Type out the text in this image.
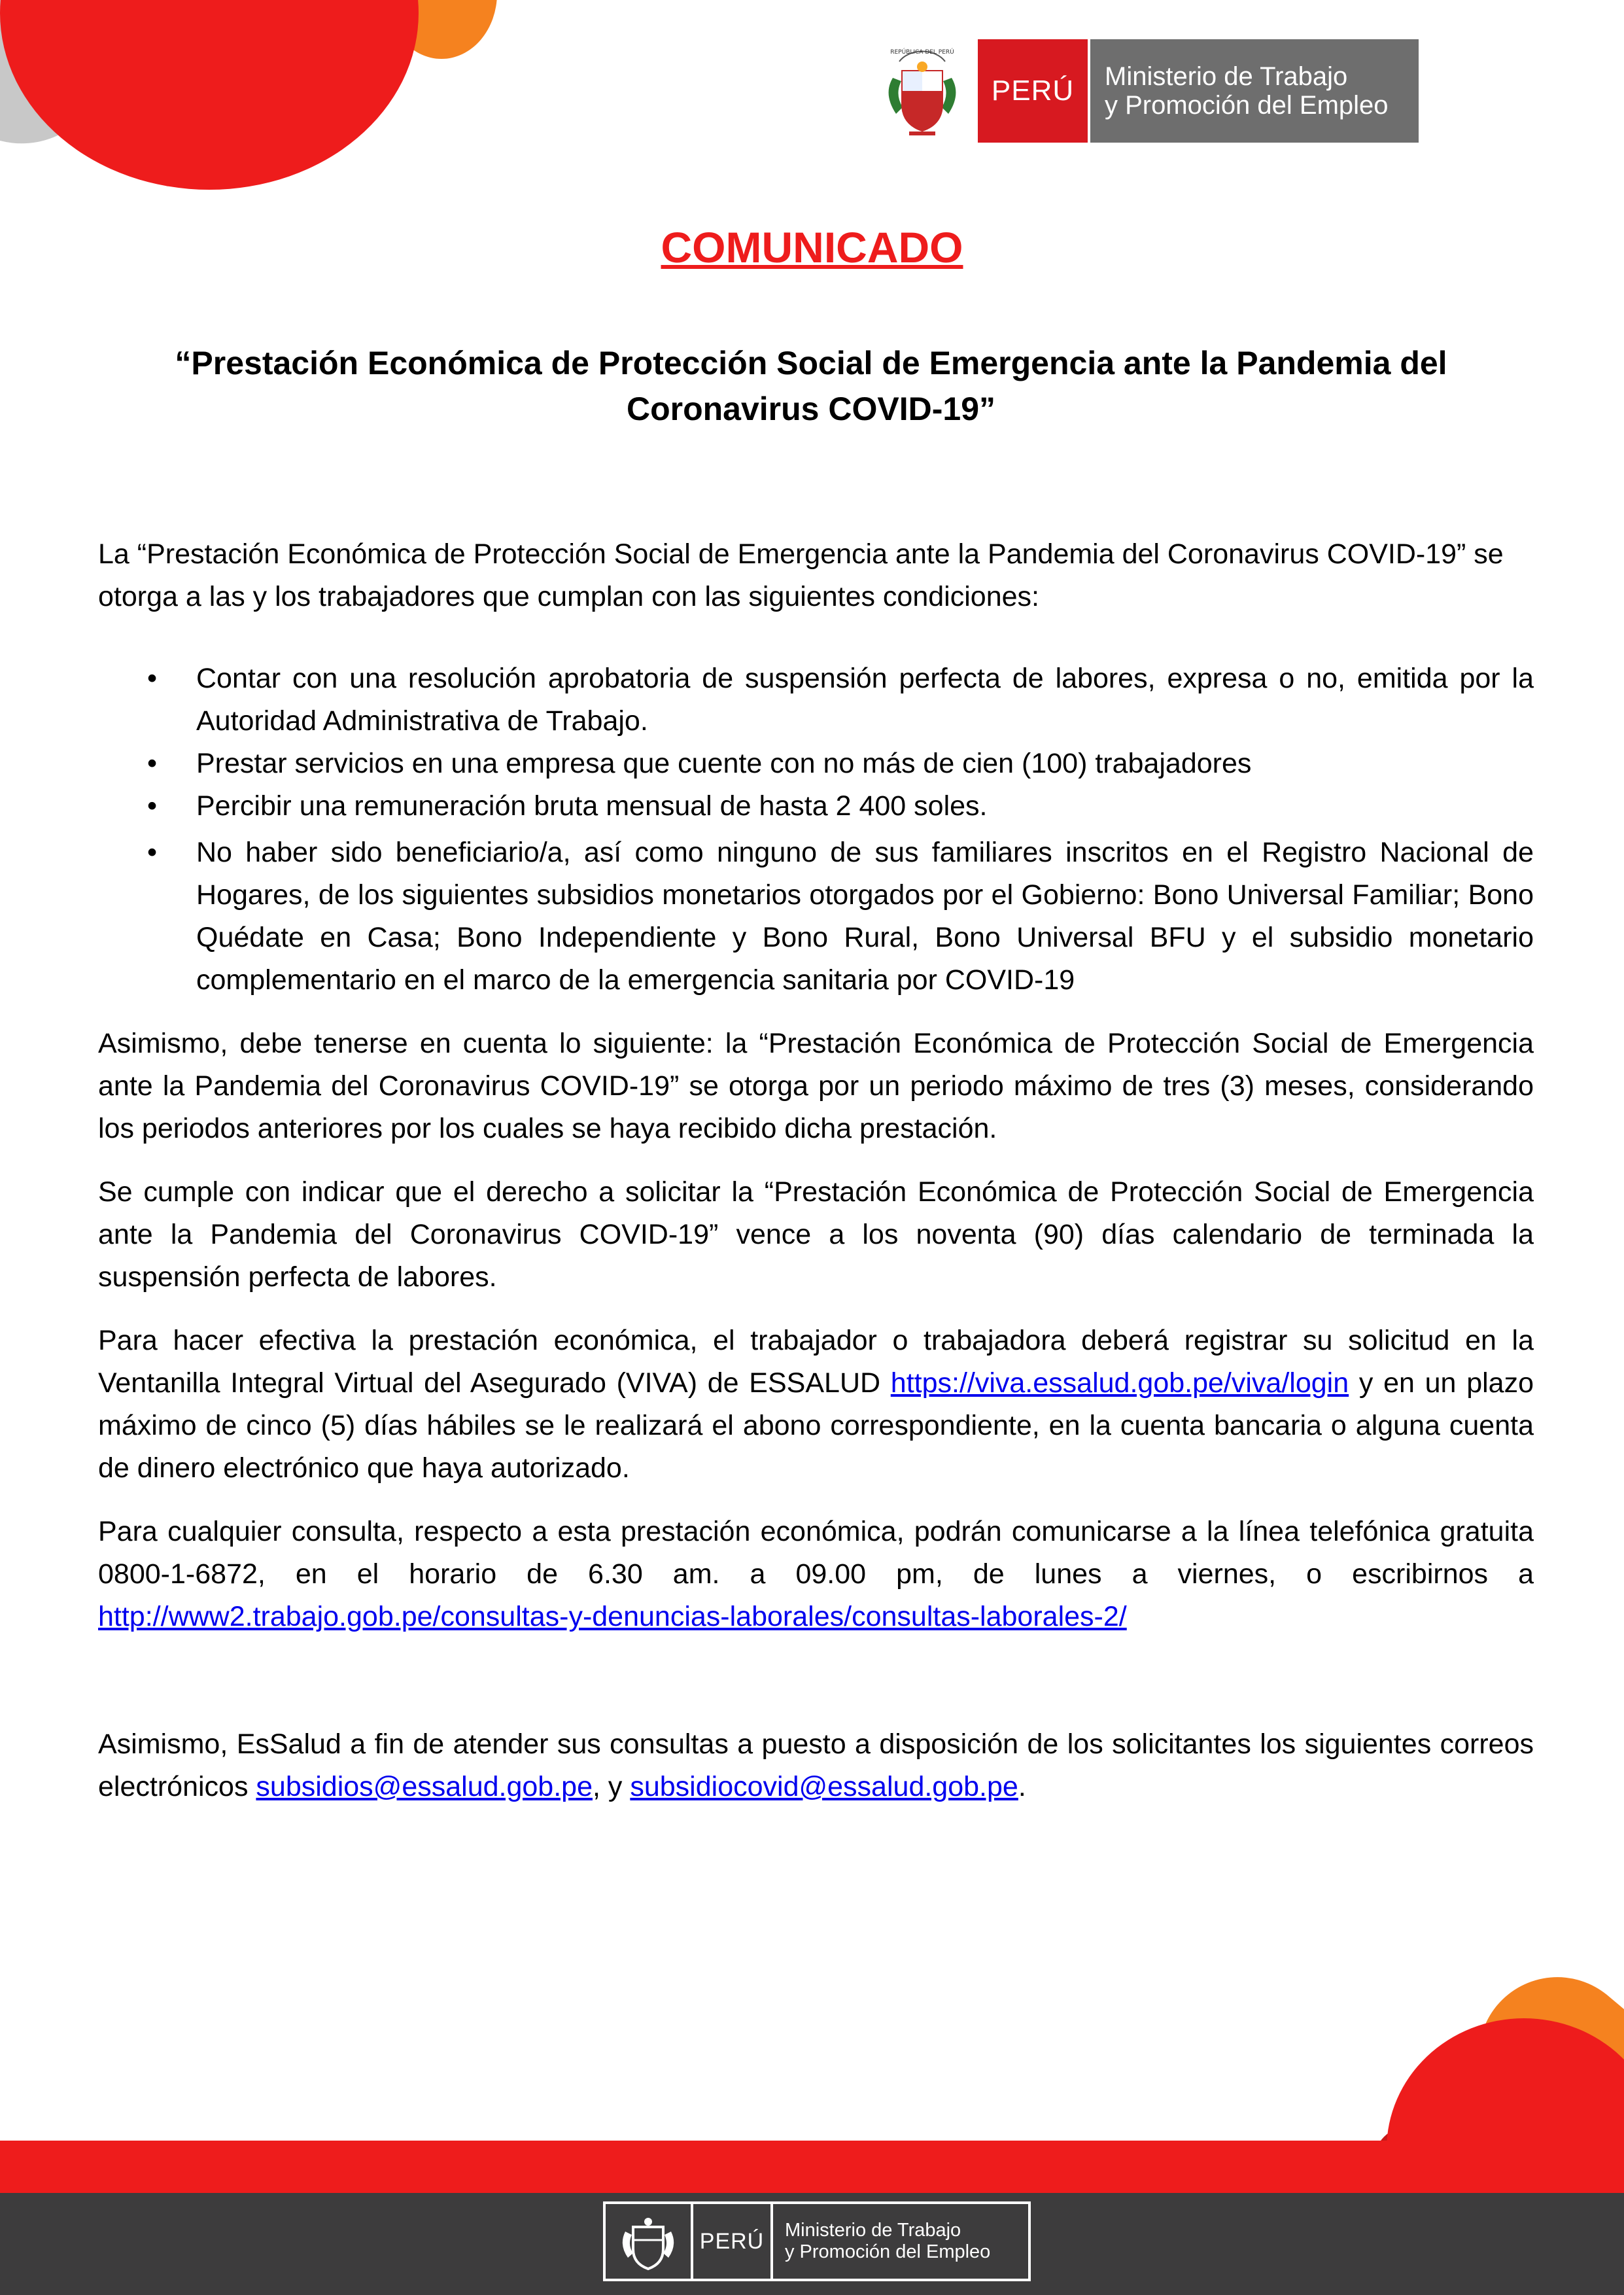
REPÚBLICA DEL PERÚ
PERÚ	Ministerio de Trabajo
y Promoción del Empleo
COMUNICADO
“Prestación Económica de Protección Social de Emergencia ante la Pandemia del
Coronavirus COVID-19”

La “Prestación Económica de Protección Social de Emergencia ante la Pandemia del Coronavirus COVID-19” se otorga a las y los trabajadores que cumplan con las siguientes condiciones:

• Contar con una resolución aprobatoria de suspensión perfecta de labores, expresa o no, emitida por la Autoridad Administrativa de Trabajo.
• Prestar servicios en una empresa que cuente con no más de cien (100) trabajadores
• Percibir una remuneración bruta mensual de hasta 2 400 soles.
• No haber sido beneficiario/a, así como ninguno de sus familiares inscritos en el Registro Nacional de Hogares, de los siguientes subsidios monetarios otorgados por el Gobierno: Bono Universal Familiar; Bono Quédate en Casa; Bono Independiente y Bono Rural, Bono Universal BFU y el subsidio monetario complementario en el marco de la emergencia sanitaria por COVID-19

Asimismo, debe tenerse en cuenta lo siguiente: la “Prestación Económica de Protección Social de Emergencia ante la Pandemia del Coronavirus COVID-19” se otorga por un periodo máximo de tres (3) meses, considerando los periodos anteriores por los cuales se haya recibido dicha prestación.

Se cumple con indicar que el derecho a solicitar la “Prestación Económica de Protección Social de Emergencia ante la Pandemia del Coronavirus COVID-19” vence a los noventa (90) días calendario de terminada la suspensión perfecta de labores.

Para hacer efectiva la prestación económica, el trabajador o trabajadora deberá registrar su solicitud en la Ventanilla Integral Virtual del Asegurado (VIVA) de ESSALUD https://viva.essalud.gob.pe/viva/login y en un plazo máximo de cinco (5) días hábiles se le realizará el abono correspondiente, en la cuenta bancaria o alguna cuenta de dinero electrónico que haya autorizado.

Para cualquier consulta, respecto a esta prestación económica, podrán comunicarse a la línea telefónica gratuita 0800-1-6872, en el horario de 6.30 am. a 09.00 pm, de lunes a viernes, o escribirnos a http://www2.trabajo.gob.pe/consultas-y-denuncias-laborales/consultas-laborales-2/

Asimismo, EsSalud a fin de atender sus consultas a puesto a disposición de los solicitantes los siguientes correos electrónicos subsidios@essalud.gob.pe, y subsidiocovid@essalud.gob.pe.

PERÚ	Ministerio de Trabajo
y Promoción del Empleo
